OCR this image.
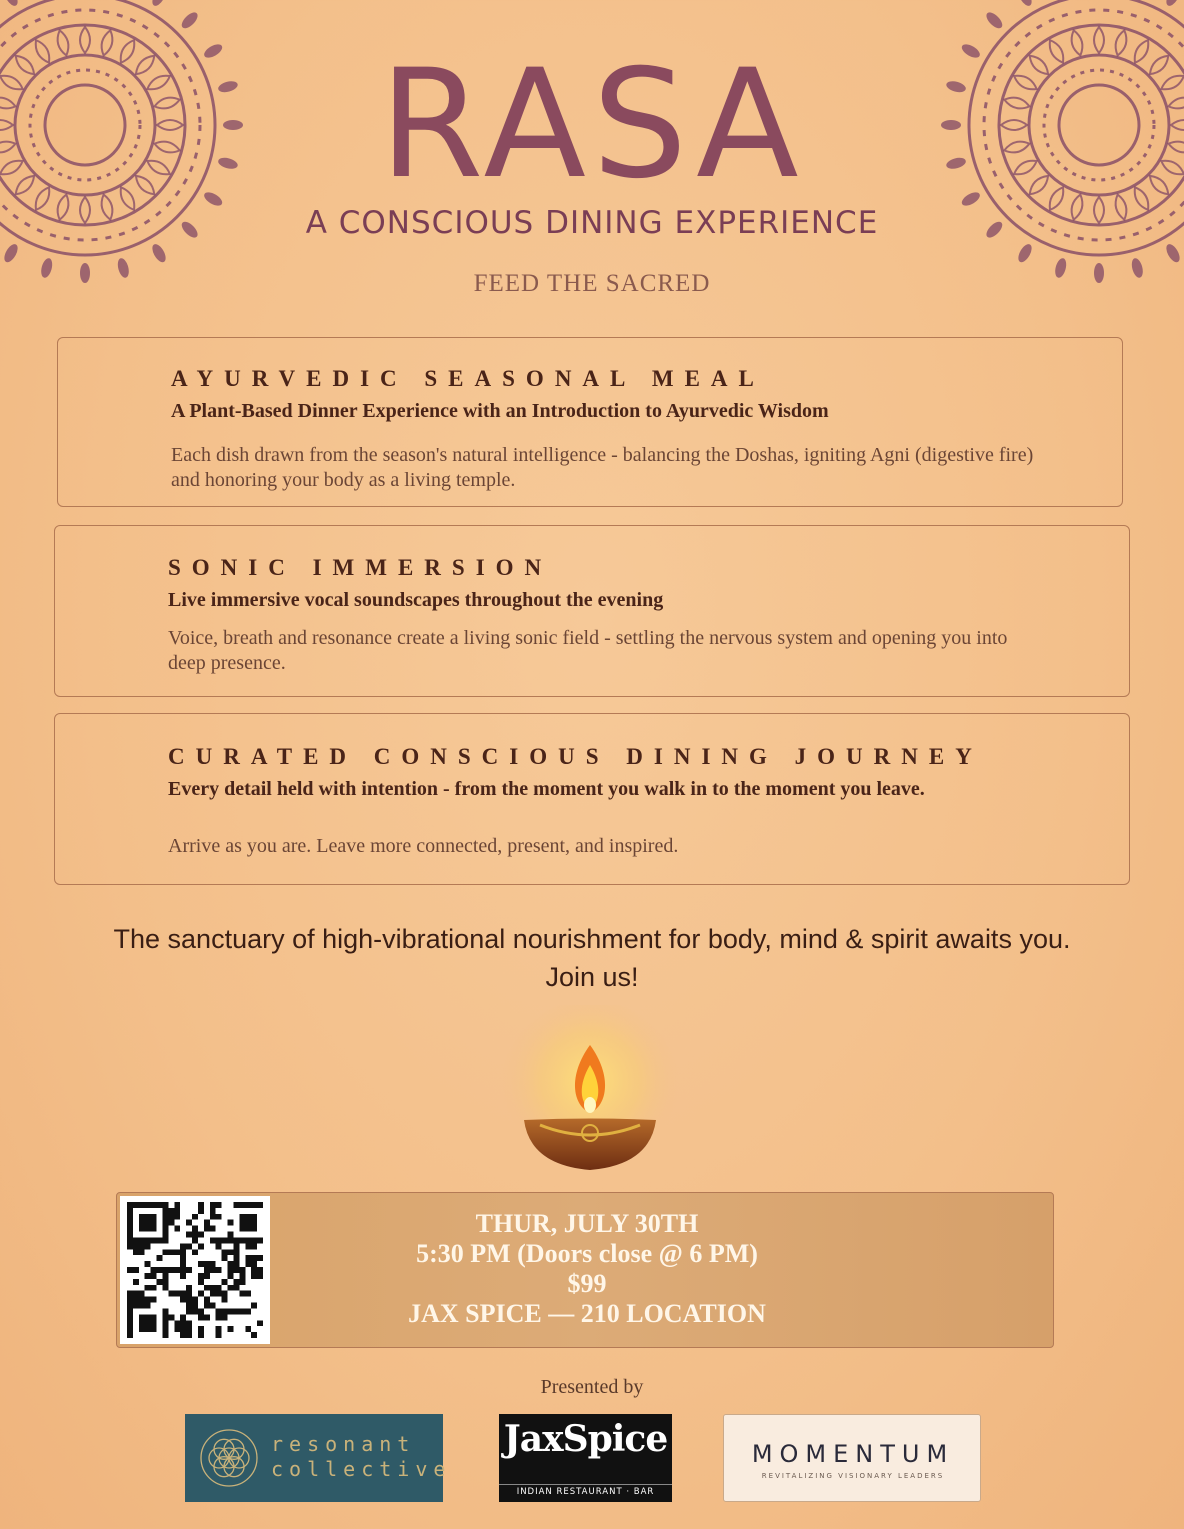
RASA
A CONSCIOUS DINING EXPERIENCE
FEED THE SACRED
AYURVEDIC SEASONAL MEAL
A Plant-Based Dinner Experience with an Introduction to Ayurvedic Wisdom

Each dish drawn from the season's natural intelligence - balancing the Doshas, igniting Agni (digestive fire) and honoring your body as a living temple.

SONIC IMMERSION
Live immersive vocal soundscapes throughout the evening

Voice, breath and resonance create a living sonic field - settling the nervous system and opening you into deep presence.

CURATED CONSCIOUS DINING JOURNEY
Every detail held with intention - from the moment you walk in to the moment you leave.

Arrive as you are. Leave more connected, present, and inspired.

The sanctuary of high-vibrational nourishment for body, mind & spirit awaits you.
Join us!
THUR, JULY 30TH
5:30 PM (Doors close @ 6 PM)
$99
JAX SPICE — 210 LOCATION
Presented by
resonant
collective
JaxSpice
INDIAN RESTAURANT · BAR
MOMENTUM
REVITALIZING VISIONARY LEADERS
